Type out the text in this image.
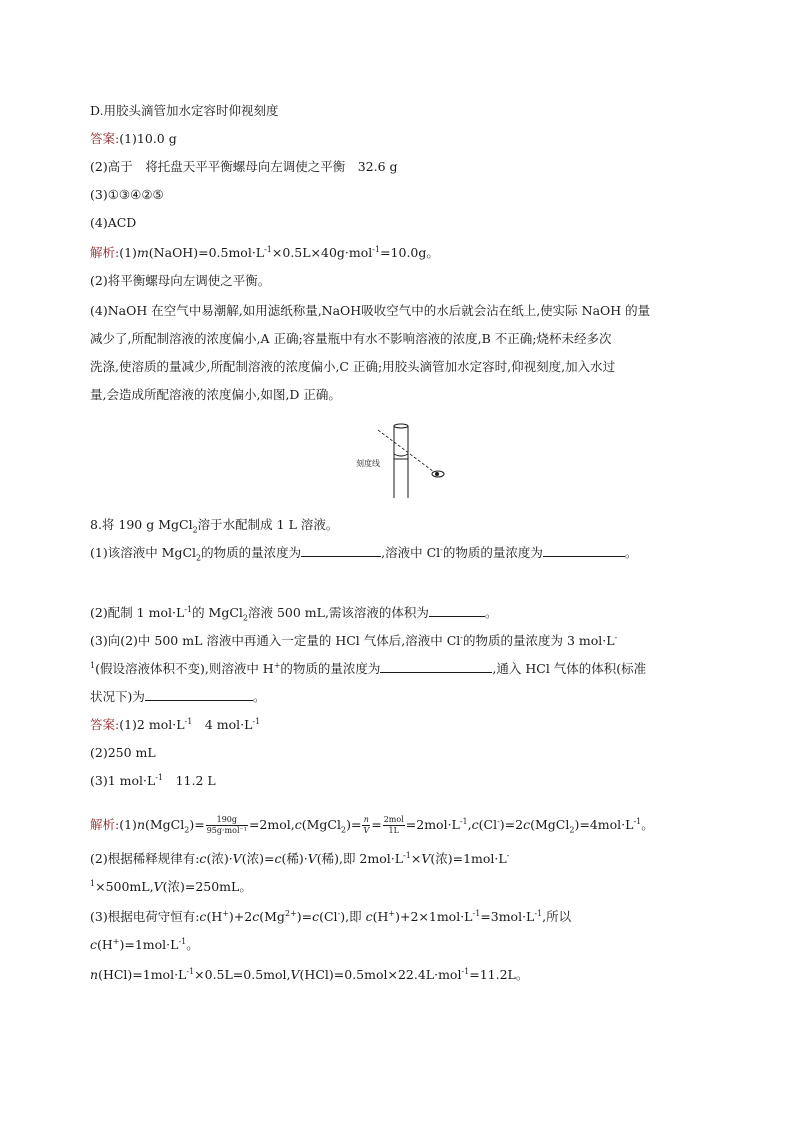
D.用胶头滴管加水定容时仰视刻度
答案:(1)10.0 g
(2)高于　将托盘天平平衡螺母向左调使之平衡　32.6 g
(3)①③④②⑤
(4)ACD
解析$:(1)m(NaOH)=0.5mol\cdot L^{-1}\times 0.5L\times 40g\cdot mol^{-1}=10.0g$。
(2)将平衡螺母向左调使之平衡。
(4)NaOH 在空气中易潮解,如用滤纸称量,NaOH吸收空气中的水后就会沾在纸上,使实际 NaOH 的量
减少了,所配制溶液的浓度偏小,A 正确;容量瓶中有水不影响溶液的浓度,B 不正确;烧杯未经多次
洗涤,使溶质的量减少,所配制溶液的浓度偏小,C 正确;用胶头滴管加水定容时,仰视刻度,加入水过
量,会造成所配溶液的浓度偏小,如图,D 正确。
刻度线
8.将 190 g MgCl$_2$溶于水配制成 1 L 溶液。
(1)该溶液中 MgCl$_2$的物质的量浓度为	,溶液中 Cl-的物质的量浓度为	。
(2)配制 1 $mol\cdot L^{-1}$的 MgCl$_2$溶液 500 mL,需该溶液的体积为	。
(3)向(2)中 500 mL 溶液中再通入一定量的 HCl 气体后,溶液中 Cl-的物质的量浓度为 3 mol·L-
$^1$(假设溶液体积不变),则溶液中 H+的物质的量浓度为	,通入 HCl 气体的体积(标准
状况下)为	。
答案:(1)2 $mol\cdot L^{-1}$　4 $mol\cdot L^{-1}$
(2)250 mL
(3)1 $mol\cdot L^{-1}$　11.2 L
解析:(1)n(MgCl$_2$)= $\frac{190g}{\text{95g·mol⁻¹}}$ =2mol,c(MgCl$_2$)= $\frac{n}{V} = \frac{\text{2mol}}{1L}$ $=2mol\cdot L^{-1},c(Cl^-)=2c(MgCl_2)=4mol\cdot L^{-1}$。
(2)根据稀释规律有:c(浓)·V(浓)=c(稀)·V(稀),即 $2mol\cdot L^{-1}\times V$(浓)=1mol·L-
$^1$×500mL,V(浓)=250mL。
(3)根据电荷守恒有$:c(H^+)+2c(Mg^{2+})=c(Cl^-)$,即 $c(H^+)+2\times 1mol\cdot L^{-1}=3mol\cdot L^{-1}$,所以
$c(H^+)=1mol\cdot L^{-1}$。
$n(HCl)=1mol\cdot L^{-1}\times 0.5L=0.5mol,V(HCl)=0.5mol\times 22.4L\cdot mol^{-1}=11.2L$。
